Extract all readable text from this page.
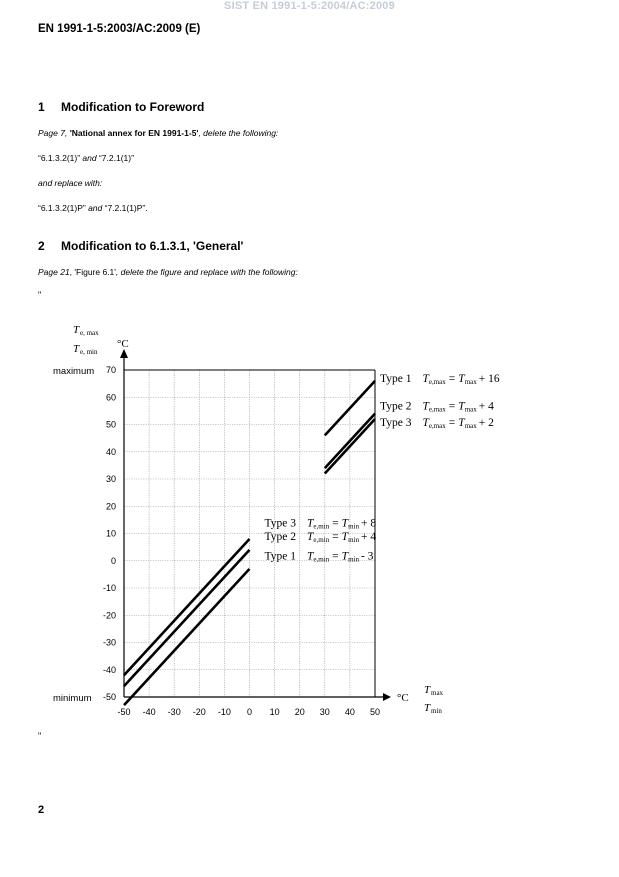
SIST EN 1991-1-5:2004/AC:2009
EN 1991-1-5:2003/AC:2009 (E)
1 Modification to Foreword
Page 7, 'National annex for EN 1991-1-5', delete the following:
“6.1.3.2(1)” and “7.2.1(1)”
and replace with:
“6.1.3.2(1)P” and “7.2.1(1)P”.
2 Modification to 6.1.3.1, 'General'
Page 21, 'Figure 6.1', delete the figure and replace with the following:
"
-50 -40 -30 -20 -10 0 10 20 30 40 50
70
60
50
40
30
20
10
0
-10
-20
-30
-40
-50
maximum
minimum
°C
°C
T e, max
T e, min
T max
T min
Type 1 Te,max = Tmax + 16
Type 2 Te,max = Tmax + 4
Type 3 Te,max = Tmax + 2
Type 3 Te,min = Tmin + 8
Type 2 Te,min = Tmin + 4
Type 1 Te,min = Tmin - 3
"
2
